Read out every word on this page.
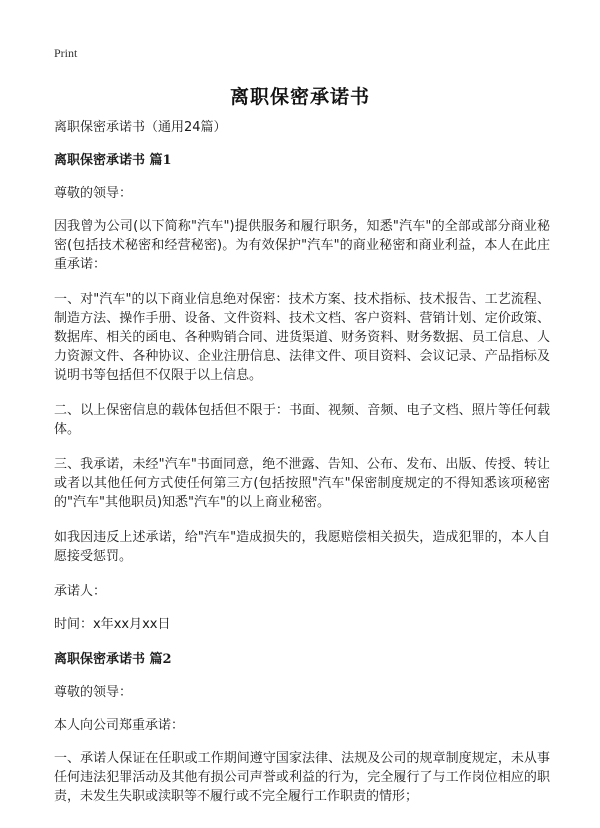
Print
离职保密承诺书

离职保密承诺书（通用24篇）

离职保密承诺书 篇1

尊敬的领导：

因我曾为公司(以下简称"汽车")提供服务和履行职务，知悉"汽车"的全部或部分商业秘密(包括技术秘密和经营秘密)。为有效保护"汽车"的商业秘密和商业利益，本人在此庄重承诺：

一、对"汽车"的以下商业信息绝对保密：技术方案、技术指标、技术报告、工艺流程、制造方法、操作手册、设备、文件资料、技术文档、客户资料、营销计划、定价政策、数据库、相关的函电、各种购销合同、进货渠道、财务资料、财务数据、员工信息、人力资源文件、各种协议、企业注册信息、法律文件、项目资料、会议记录、产品指标及说明书等包括但不仅限于以上信息。

二、以上保密信息的载体包括但不限于：书面、视频、音频、电子文档、照片等任何载体。

三、我承诺，未经"汽车"书面同意，绝不泄露、告知、公布、发布、出版、传授、转让或者以其他任何方式使任何第三方(包括按照"汽车"保密制度规定的不得知悉该项秘密的"汽车"其他职员)知悉"汽车"的以上商业秘密。

如我因违反上述承诺，给"汽车"造成损失的，我愿赔偿相关损失，造成犯罪的，本人自愿接受惩罚。

承诺人：

时间：x年xx月xx日

离职保密承诺书 篇2

尊敬的领导：

本人向公司郑重承诺：

一、承诺人保证在任职或工作期间遵守国家法律、法规及公司的规章制度规定，未从事任何违法犯罪活动及其他有损公司声誉或利益的行为，完全履行了与工作岗位相应的职责，未发生失职或渎职等不履行或不完全履行工作职责的情形；
